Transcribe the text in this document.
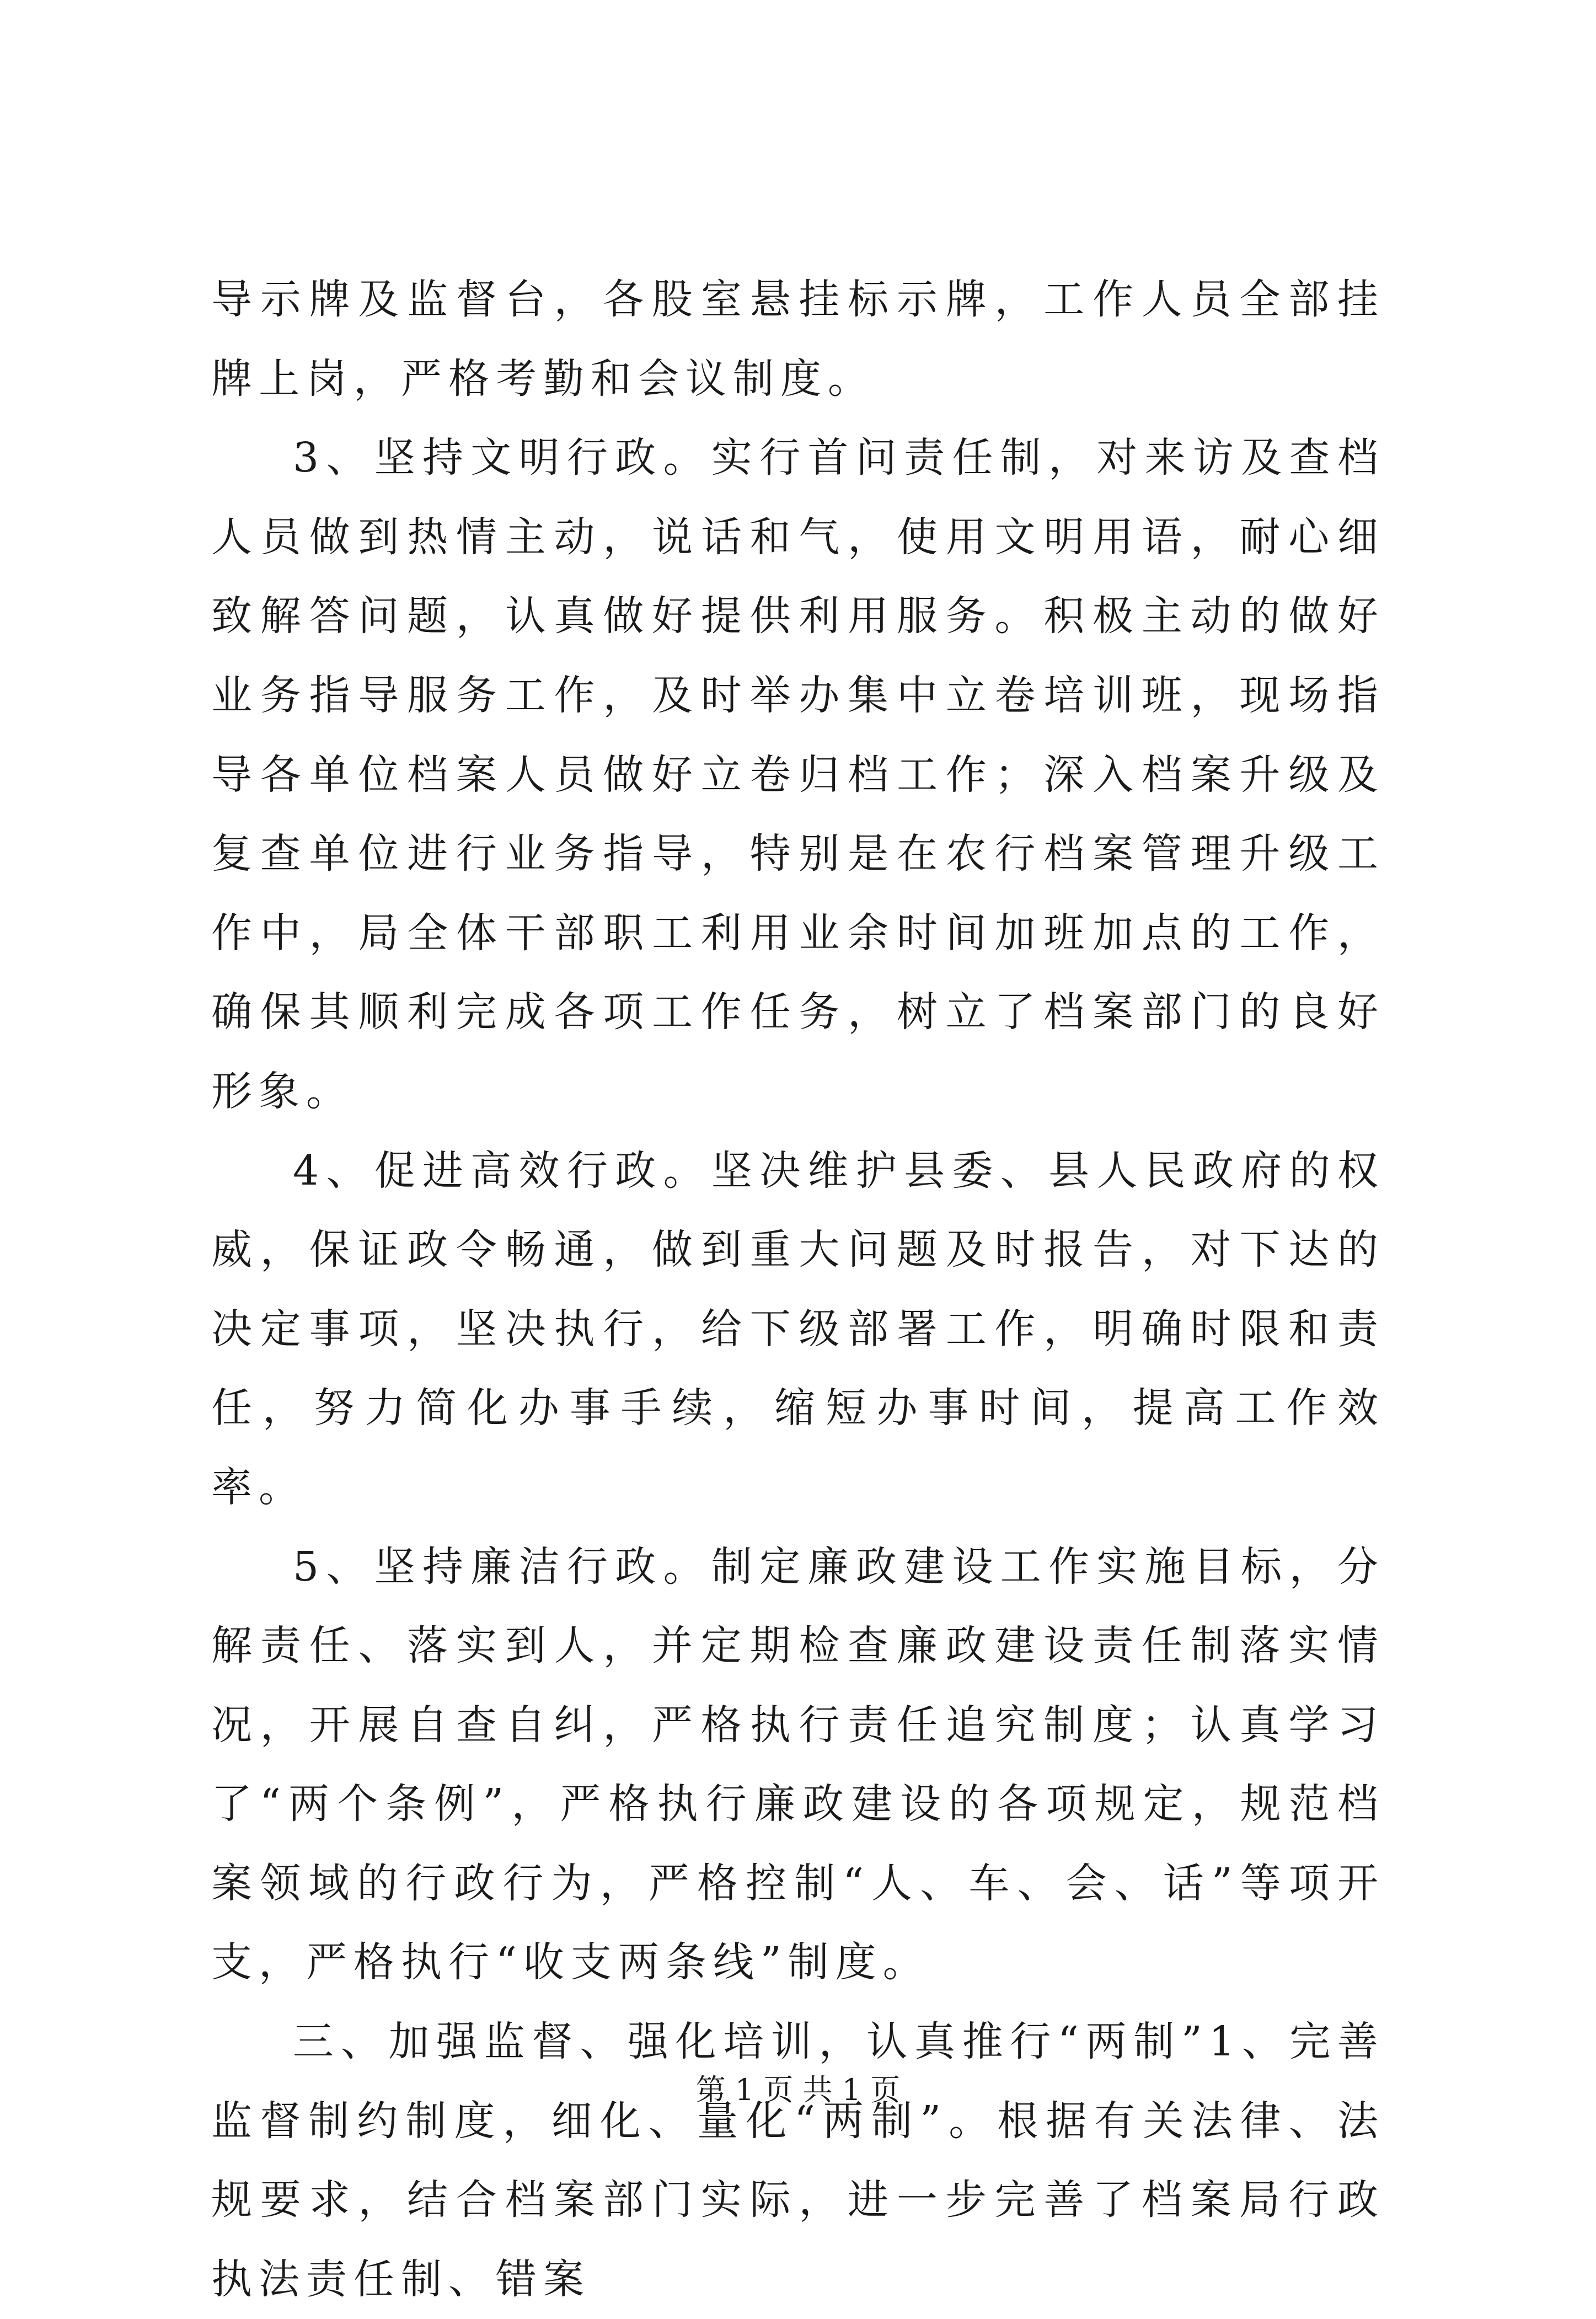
导示牌及监督台，各股室悬挂标示牌，工作人员全部挂牌上岗，严格考勤和会议制度。

3、坚持文明行政。实行首问责任制，对来访及查档人员做到热情主动，说话和气，使用文明用语，耐心细致解答问题，认真做好提供利用服务。积极主动的做好业务指导服务工作，及时举办集中立卷培训班，现场指导各单位档案人员做好立卷归档工作；深入档案升级及复查单位进行业务指导，特别是在农行档案管理升级工作中，局全体干部职工利用业余时间加班加点的工作，确保其顺利完成各项工作任务，树立了档案部门的良好形象。

4、促进高效行政。坚决维护县委、县人民政府的权威，保证政令畅通，做到重大问题及时报告，对下达的决定事项，坚决执行，给下级部署工作，明确时限和责任，努力简化办事手续，缩短办事时间，提高工作效率。

5、坚持廉洁行政。制定廉政建设工作实施目标，分解责任、落实到人，并定期检查廉政建设责任制落实情况，开展自查自纠，严格执行责任追究制度；认真学习了“两个条例”，严格执行廉政建设的各项规定，规范档案领域的行政行为，严格控制“人、车、会、话”等项开支，严格执行“收支两条线”制度。

三、加强监督、强化培训，认真推行“两制”1、完善监督制约制度，细化、量化“两制”。根据有关法律、法规要求，结合档案部门实际，进一步完善了档案局行政执法责任制、错案

第 1 页 共 1 页
